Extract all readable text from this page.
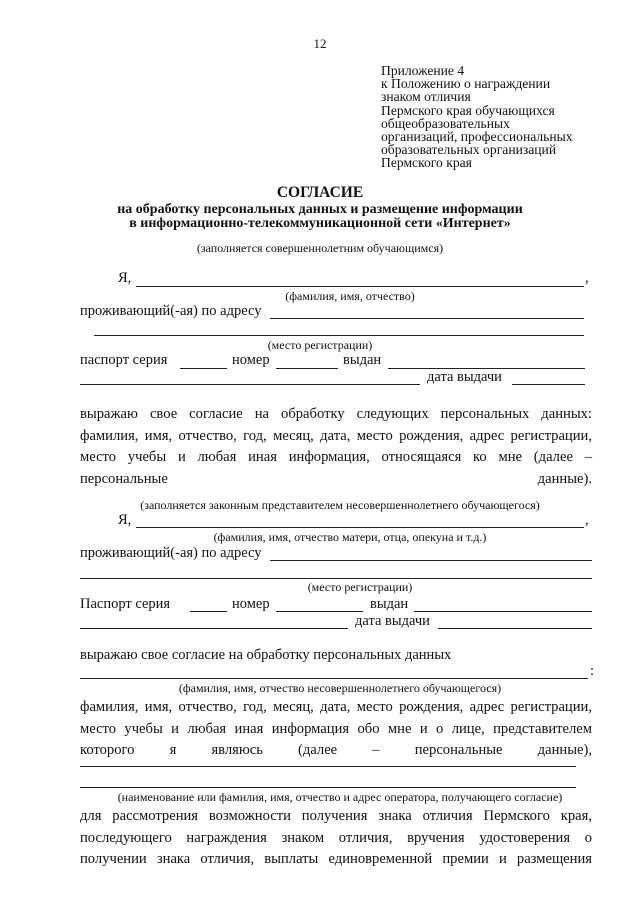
12
Приложение 4
к Положению о награждении
знаком отличия
Пермского края обучающихся
общеобразовательных
организаций, профессиональных
образовательных организаций
Пермского края
СОГЛАСИЕ
на обработку персональных данных и размещение информации
в информационно-телекоммуникационной сети «Интернет»
(заполняется совершеннолетним обучающимся)
Я,	,
(фамилия, имя, отчество)
проживающий(-ая) по адресу
(место регистрации)
паспорт серия	номер	выдан
дата выдачи
выражаю свое согласие на обработку следующих персональных данных: фамилия, имя, отчество, год, месяц, дата, место рождения, адрес регистрации, место учебы и любая иная информация, относящаяся ко мне (далее – персональные данные).
(заполняется законным представителем несовершеннолетнего обучающегося)
Я,	,
(фамилия, имя, отчество матери, отца, опекуна и т.д.)
проживающий(-ая) по адресу
(место регистрации)
Паспорт серия	номер	выдан
дата выдачи
выражаю свое согласие на обработку персональных данных
:
(фамилия, имя, отчество несовершеннолетнего обучающегося)
фамилия, имя, отчество, год, месяц, дата, место рождения, адрес регистрации, место учебы и любая иная информация обо мне и о лице, представителем которого я являюсь (далее – персональные данные),
(наименование или фамилия, имя, отчество и адрес оператора, получающего согласие)
для рассмотрения возможности получения знака отличия Пермского края, последующего награждения знаком отличия, вручения удостоверения о получении знака отличия, выплаты единовременной премии и размещения
